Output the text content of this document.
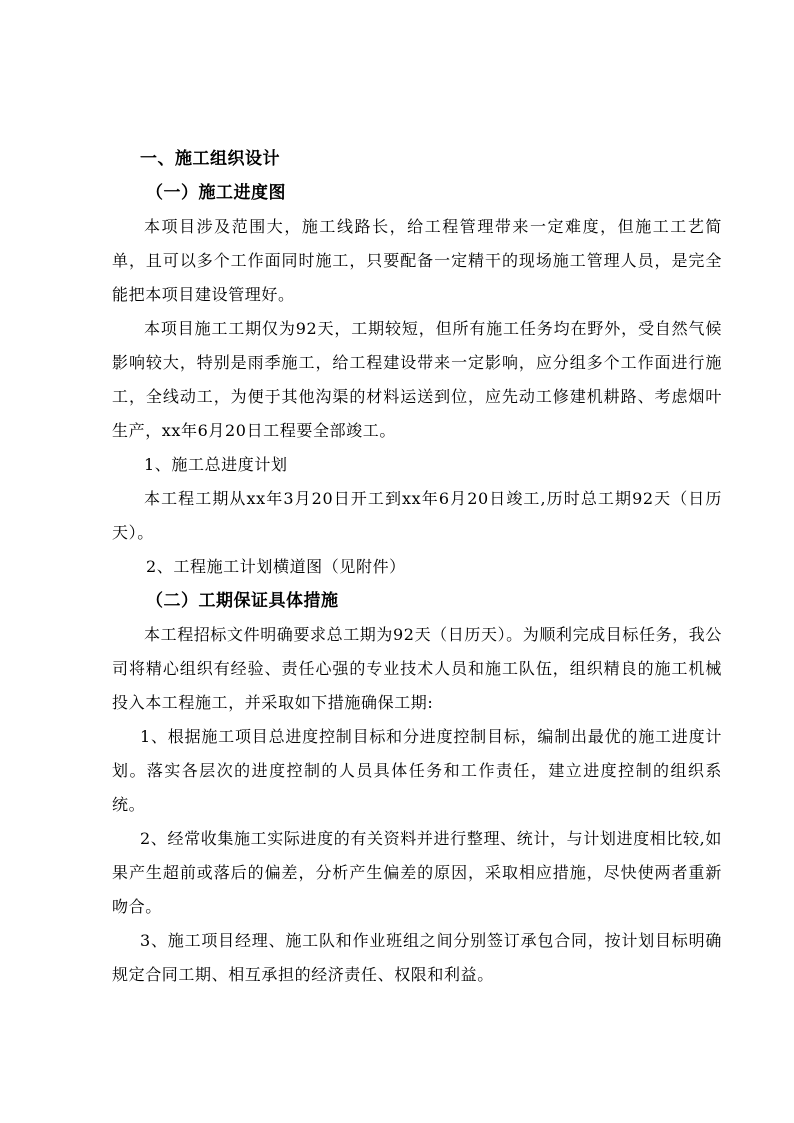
一、施工组织设计

（一）施工进度图

本项目涉及范围大，施工线路长，给工程管理带来一定难度，但施工工艺简单，且可以多个工作面同时施工，只要配备一定精干的现场施工管理人员，是完全能把本项目建设管理好。

本项目施工工期仅为92天，工期较短，但所有施工任务均在野外，受自然气候影响较大，特别是雨季施工，给工程建设带来一定影响，应分组多个工作面进行施工，全线动工，为便于其他沟渠的材料运送到位，应先动工修建机耕路、考虑烟叶生产，xx年6月20日工程要全部竣工。

1、施工总进度计划

本工程工期从xx年3月20日开工到xx年6月20日竣工,历时总工期92天（日历天）。

2、工程施工计划横道图（见附件）

（二）工期保证具体措施

本工程招标文件明确要求总工期为92天（日历天）。为顺利完成目标任务，我公司将精心组织有经验、责任心强的专业技术人员和施工队伍，组织精良的施工机械投入本工程施工，并采取如下措施确保工期:

1、根据施工项目总进度控制目标和分进度控制目标，编制出最优的施工进度计划。落实各层次的进度控制的人员具体任务和工作责任，建立进度控制的组织系统。

2、经常收集施工实际进度的有关资料并进行整理、统计，与计划进度相比较,如果产生超前或落后的偏差，分析产生偏差的原因，采取相应措施，尽快使两者重新吻合。

3、施工项目经理、施工队和作业班组之间分别签订承包合同，按计划目标明确规定合同工期、相互承担的经济责任、权限和利益。
